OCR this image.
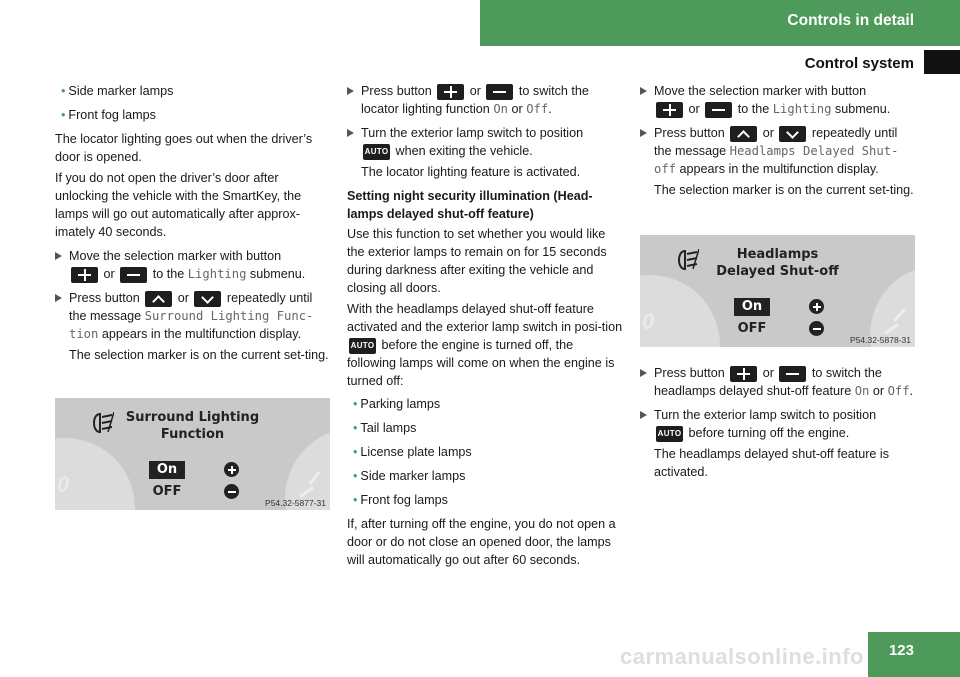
Controls in detail
Control system

• Side marker lamps

• Front fog lamps

The locator lighting goes out when the driver’s door is opened.

If you do not open the driver’s door after unlocking the vehicle with the SmartKey, the lamps will go out automatically after approx-imately 40 seconds.

Move the selection marker with button
or	to the Lighting submenu.
Press button	or	repeatedly until the message Surround Lighting Func-tion appears in the multifunction display.

The selection marker is on the current set-ting.

0
Surround Lighting
Function
On
OFF
P54.32-5877-31
Press button	or	to switch the locator lighting function On or Off.
Turn the exterior lamp switch to position
AUTO when exiting the vehicle.

The locator lighting feature is activated.

Setting night security illumination (Head-lamps delayed shut-off feature)

Use this function to set whether you would like the exterior lamps to remain on for 15 seconds during darkness after exiting the vehicle and closing all doors.

With the headlamps delayed shut-off feature activated and the exterior lamp switch in posi-tion AUTO before the engine is turned off, the following lamps will come on when the engine is turned off:

• Parking lamps

• Tail lamps

• License plate lamps

• Side marker lamps

• Front fog lamps

If, after turning off the engine, you do not open a door or do not close an opened door, the lamps will automatically go out after 60 seconds.

Move the selection marker with button
or	to the Lighting submenu.
Press button	or	repeatedly until the message Headlamps Delayed Shut-off appears in the multifunction display.

The selection marker is on the current set-ting.

0
Headlamps
Delayed Shut-off
On
OFF
P54.32-5878-31
Press button	or	to switch the headlamps delayed shut-off feature On or Off.
Turn the exterior lamp switch to position
AUTO before turning off the engine.

The headlamps delayed shut-off feature is activated.

carmanualsonline.info 123
